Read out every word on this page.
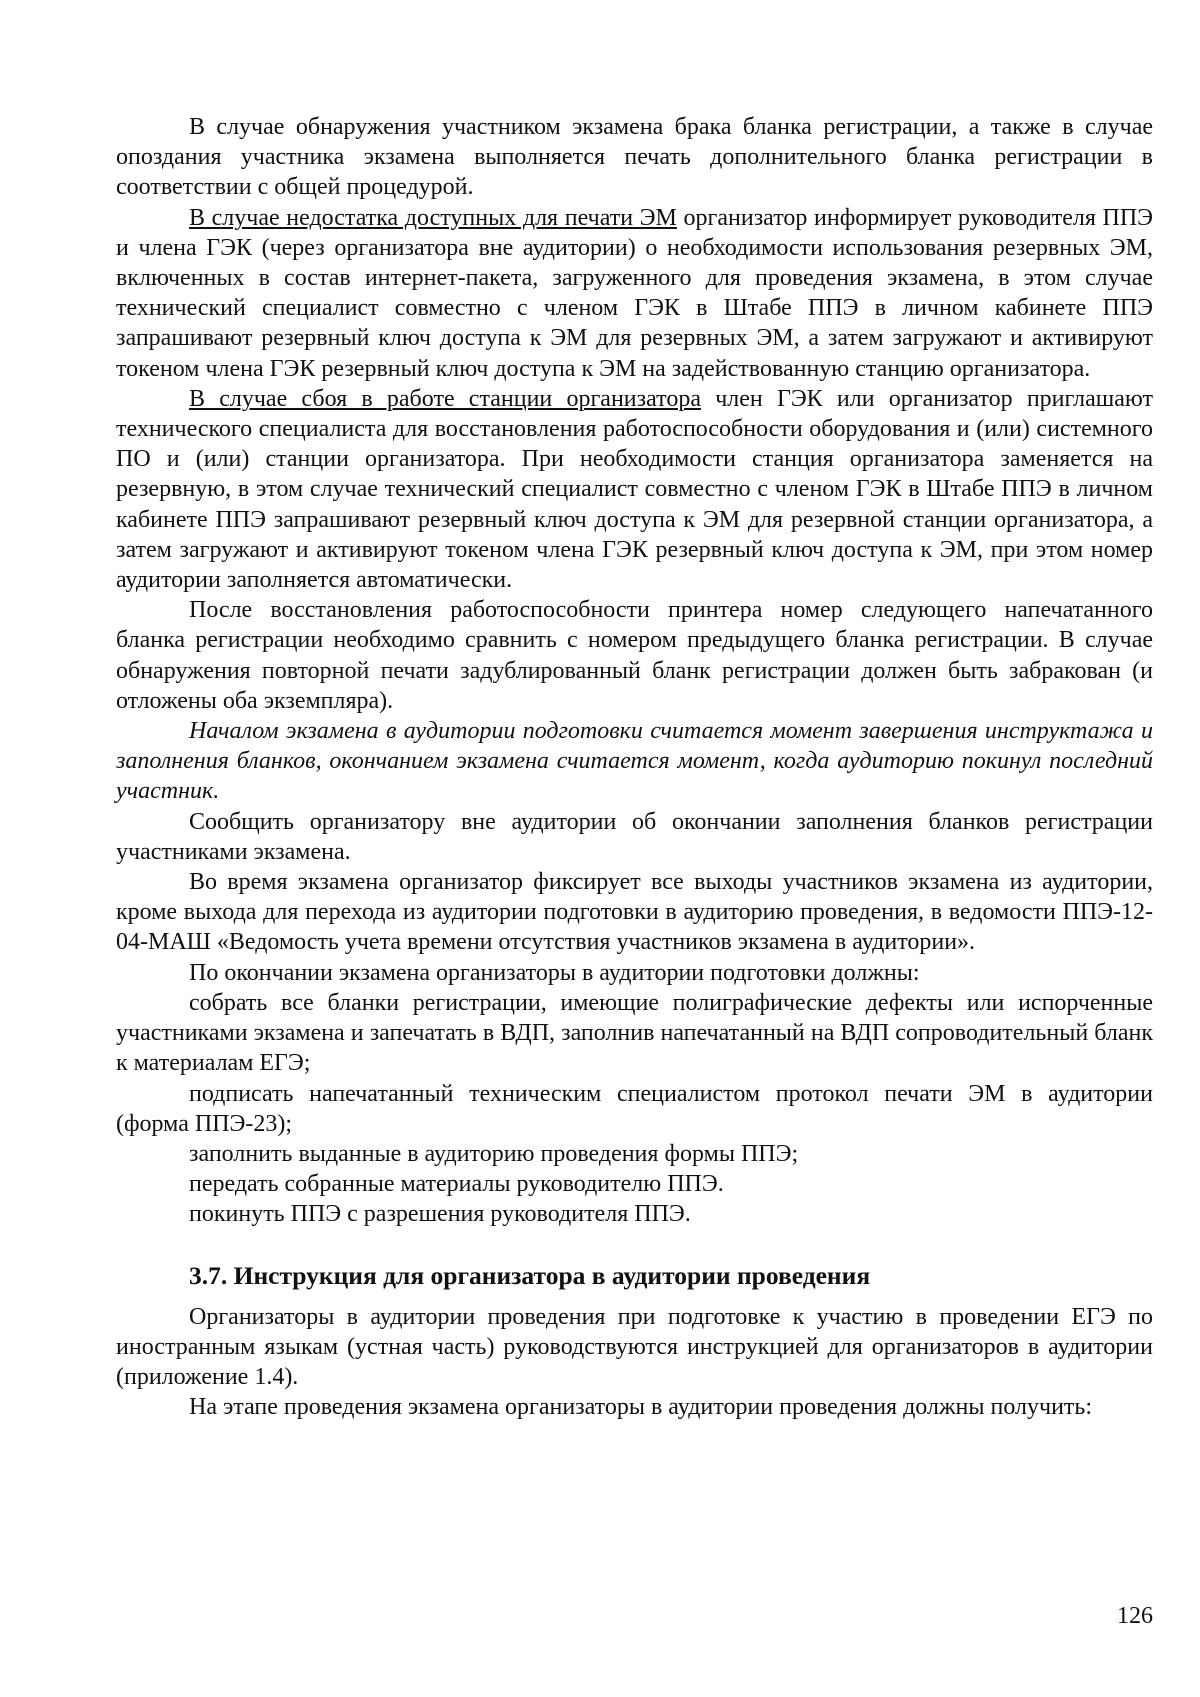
В случае обнаружения участником экзамена брака бланка регистрации, а также в случае опоздания участника экзамена выполняется печать дополнительного бланка регистрации в соответствии с общей процедурой.

В случае недостатка доступных для печати ЭМ организатор информирует руководителя ППЭ и члена ГЭК (через организатора вне аудитории) о необходимости использования резервных ЭМ, включенных в состав интернет-пакета, загруженного для проведения экзамена, в этом случае технический специалист совместно с членом ГЭК в Штабе ППЭ в личном кабинете ППЭ запрашивают резервный ключ доступа к ЭМ для резервных ЭМ, а затем загружают и активируют токеном члена ГЭК резервный ключ доступа к ЭМ на задействованную станцию организатора.

В случае сбоя в работе станции организатора член ГЭК или организатор приглашают технического специалиста для восстановления работоспособности оборудования и (или) системного ПО и (или) станции организатора. При необходимости станция организатора заменяется на резервную, в этом случае технический специалист совместно с членом ГЭК в Штабе ППЭ в личном кабинете ППЭ запрашивают резервный ключ доступа к ЭМ для резервной станции организатора, а затем загружают и активируют токеном члена ГЭК резервный ключ доступа к ЭМ, при этом номер аудитории заполняется автоматически.

После восстановления работоспособности принтера номер следующего напечатанного бланка регистрации необходимо сравнить с номером предыдущего бланка регистрации. В случае обнаружения повторной печати задублированный бланк регистрации должен быть забракован (и отложены оба экземпляра).

Началом экзамена в аудитории подготовки считается момент завершения инструктажа и заполнения бланков, окончанием экзамена считается момент, когда аудиторию покинул последний участник.

Сообщить организатору вне аудитории об окончании заполнения бланков регистрации участниками экзамена.

Во время экзамена организатор фиксирует все выходы участников экзамена из аудитории, кроме выхода для перехода из аудитории подготовки в аудиторию проведения, в ведомости ППЭ-12-04-МАШ «Ведомость учета времени отсутствия участников экзамена в аудитории».

По окончании экзамена организаторы в аудитории подготовки должны:

собрать все бланки регистрации, имеющие полиграфические дефекты или испорченные участниками экзамена и запечатать в ВДП, заполнив напечатанный на ВДП сопроводительный бланк к материалам ЕГЭ;

подписать напечатанный техническим специалистом протокол печати ЭМ в аудитории (форма ППЭ-23);

заполнить выданные в аудиторию проведения формы ППЭ;

передать собранные материалы руководителю ППЭ.

покинуть ППЭ с разрешения руководителя ППЭ.

3.7. Инструкция для организатора в аудитории проведения

Организаторы в аудитории проведения при подготовке к участию в проведении ЕГЭ по иностранным языкам (устная часть) руководствуются инструкцией для организаторов в аудитории (приложение 1.4).

На этапе проведения экзамена организаторы в аудитории проведения должны получить:

126
